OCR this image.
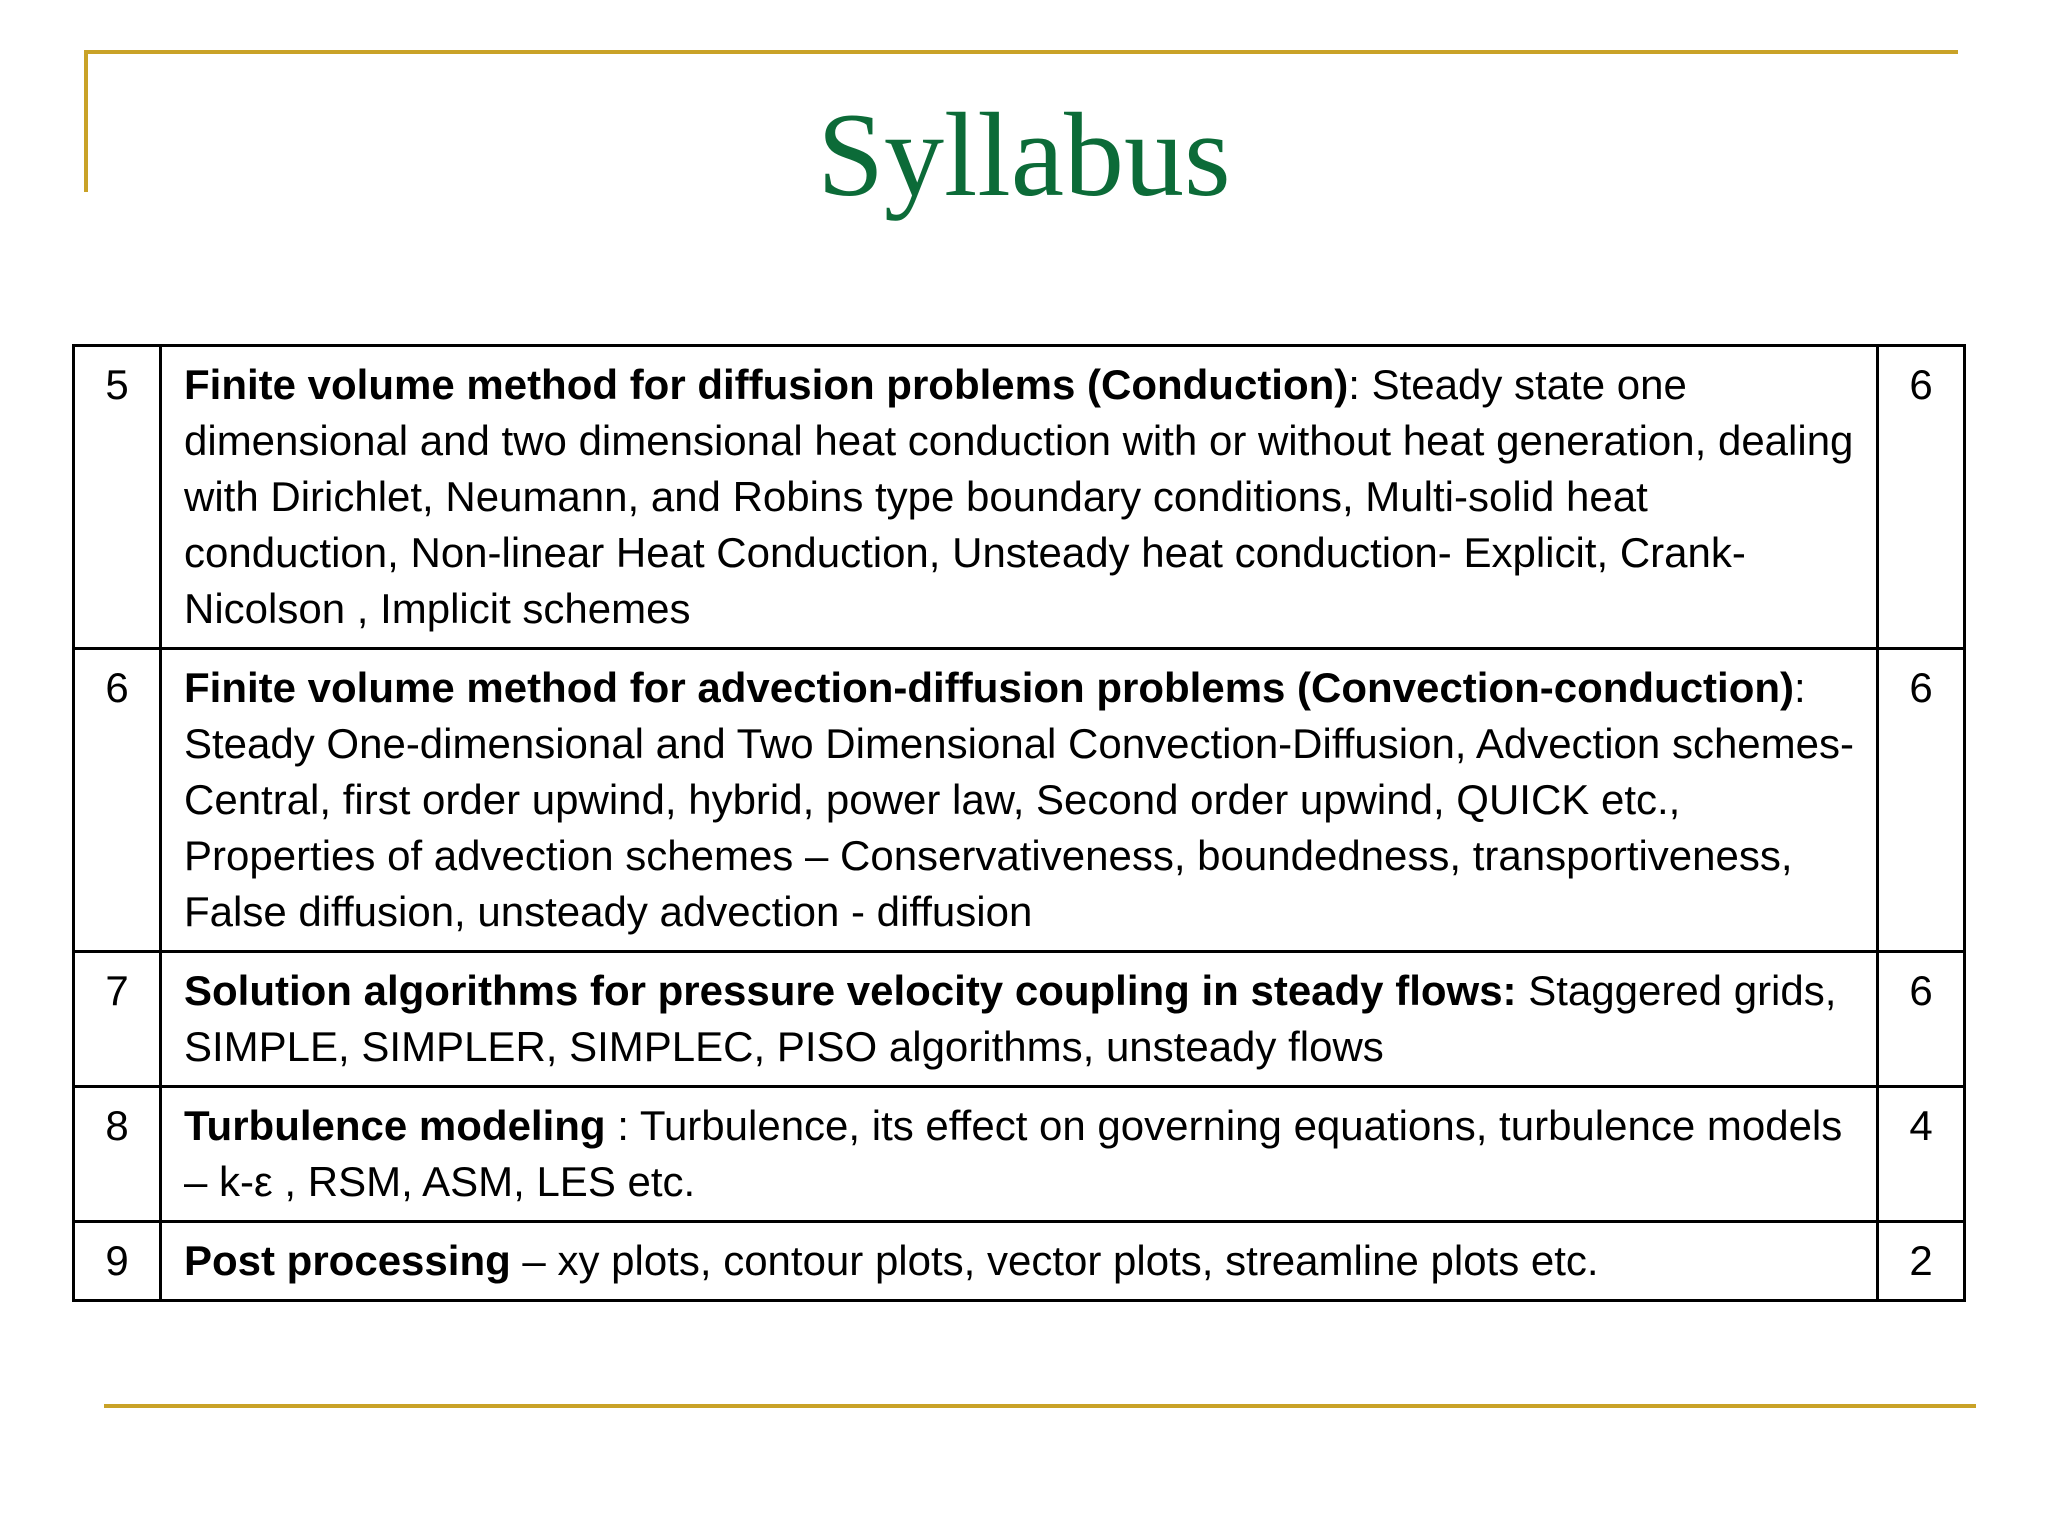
Syllabus
5	Finite volume method for diffusion problems (Conduction): Steady state one dimensional and two dimensional heat conduction with or without heat generation, dealing with Dirichlet, Neumann, and Robins type boundary conditions, Multi-solid heat conduction, Non-linear Heat Conduction, Unsteady heat conduction- Explicit, Crank-Nicolson , Implicit schemes	6
6	Finite volume method for advection-diffusion problems (Convection-conduction): Steady One-dimensional and Two Dimensional Convection-Diffusion, Advection schemes-Central, first order upwind, hybrid, power law, Second order upwind, QUICK etc., Properties of advection schemes – Conservativeness, boundedness, transportiveness, False diffusion, unsteady advection - diffusion	6
7	Solution algorithms for pressure velocity coupling in steady flows: Staggered grids, SIMPLE, SIMPLER, SIMPLEC, PISO algorithms, unsteady flows	6
8	Turbulence modeling : Turbulence, its effect on governing equations, turbulence models – k-ε , RSM, ASM, LES etc.	4
9	Post processing – xy plots, contour plots, vector plots, streamline plots etc.	2
